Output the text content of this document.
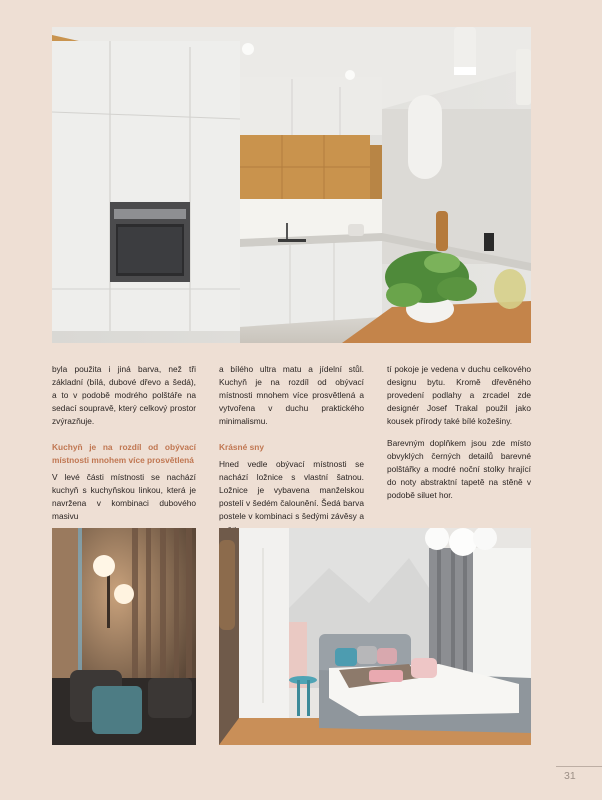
byla použita i jiná barva, než tři základní (bílá, dubové dřevo a šedá), a to v podobě modrého polštáře na sedací soupravě, který celkový prostor zvýrazňuje.

Kuchyň je na rozdíl od obývací místnosti mnohem více prosvětlená

V levé části místnosti se nachází kuchyň s kuchyňskou linkou, která je navržena v kombinaci dubového masivu

a bílého ultra matu a jídelní stůl. Kuchyň je na rozdíl od obývací místnosti mnohem více prosvětlená a vytvořena v duchu praktického minimalismu.

Krásné sny

Hned vedle obývací místnosti se nachází ložnice s vlastní šatnou. Ložnice je vybavena manželskou postelí v šedém čalounění. Šedá barva postele v kombinaci s šedými závěsy a

tí pokoje je vedena v duchu celkového designu bytu. Kromě dřevěného provedení podlahy a zrcadel zde designér Josef Trakal použil jako kousek přírody také bílé kožešiny.

Barevným doplňkem jsou zde místo obvyklých černých detailů barevné polštářky a modré noční stolky hrající do noty abstraktní tapetě na stěně v podobě siluet hor.

31
